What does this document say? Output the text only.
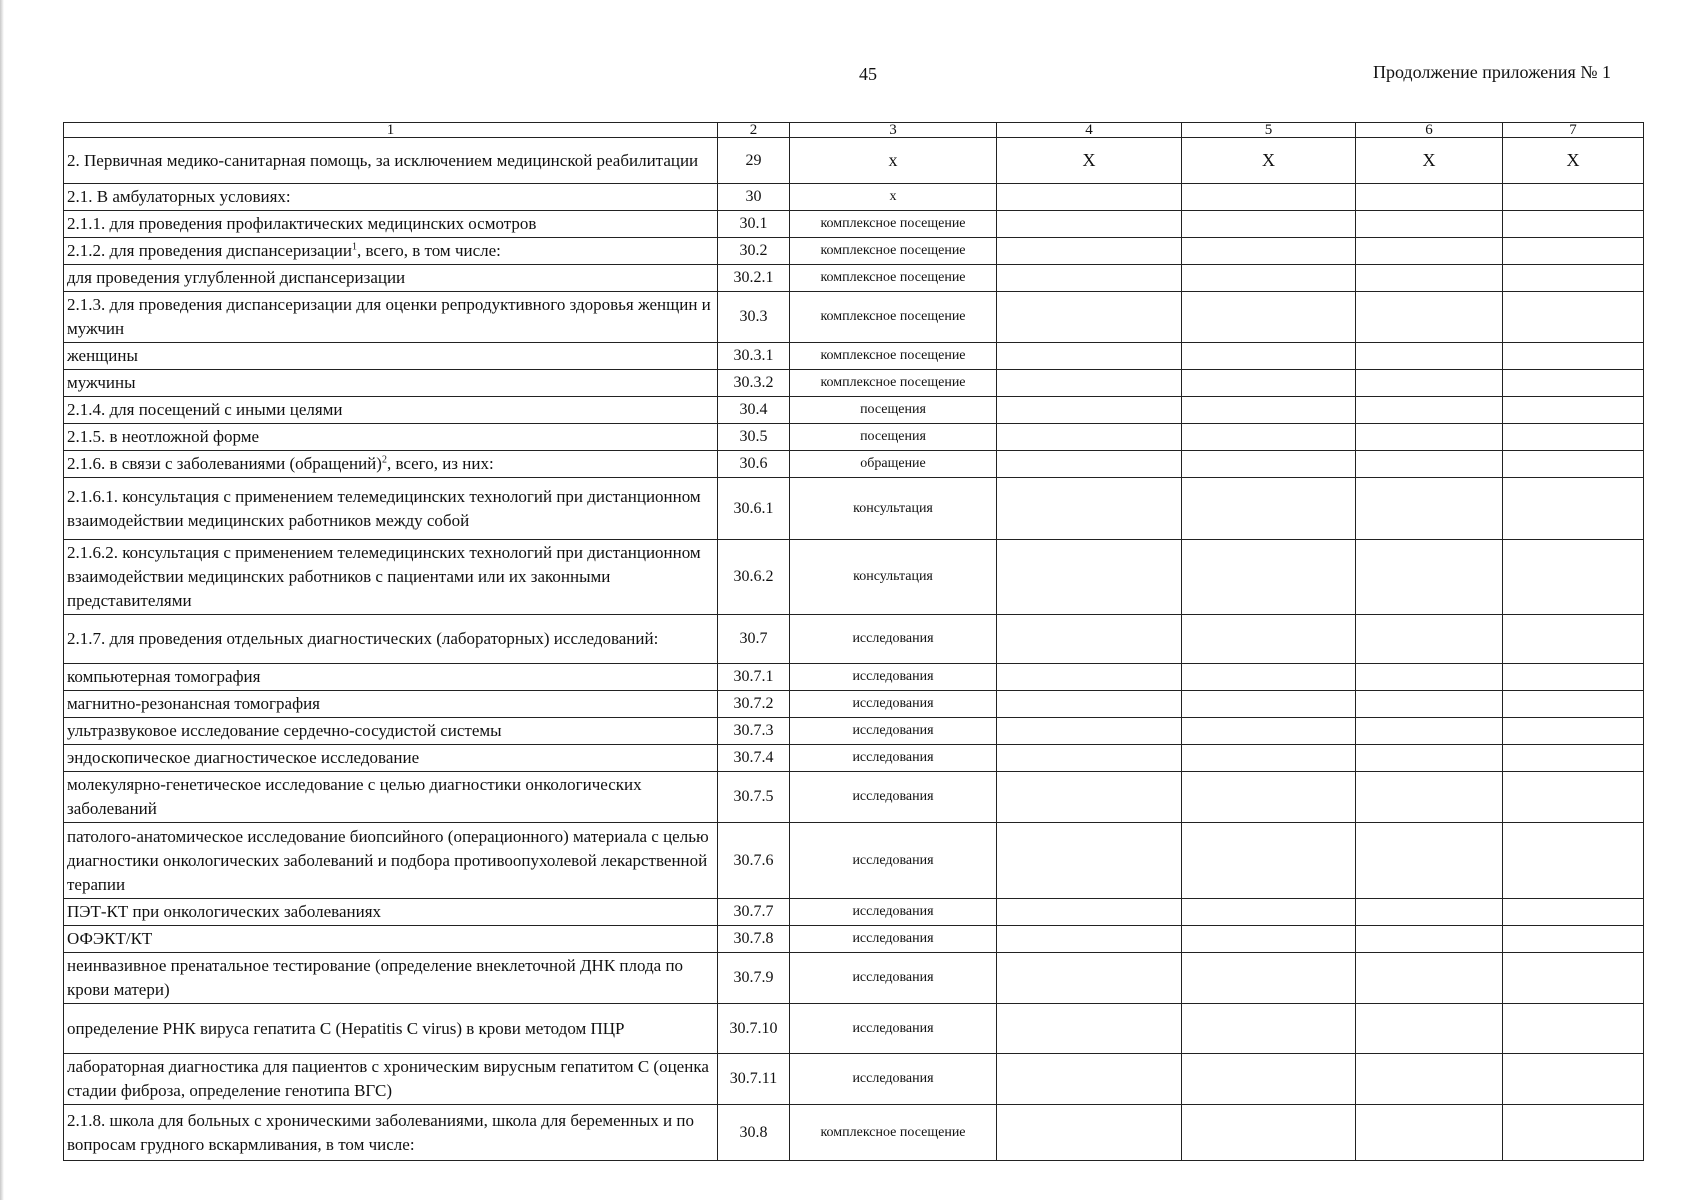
45	Продолжение приложения № 1
1	2	3	4	5	6	7
2. Первичная медико-санитарная помощь, за исключением медицинской реабилитации	29	х	Х	Х	Х	Х
2.1. В амбулаторных условиях:	30	х				
2.1.1. для проведения профилактических медицинских осмотров	30.1	комплексное посещение				
2.1.2. для проведения диспансеризации$^1$, всего, в том числе:	30.2	комплексное посещение				
для проведения углубленной диспансеризации	30.2.1	комплексное посещение				
2.1.3. для проведения диспансеризации для оценки репродуктивного здоровья женщин и мужчин	30.3	комплексное посещение				
женщины	30.3.1	комплексное посещение				
мужчины	30.3.2	комплексное посещение				
2.1.4. для посещений с иными целями	30.4	посещения				
2.1.5. в неотложной форме	30.5	посещения				
2.1.6. в связи с заболеваниями (обращений)$^2$, всего, из них:	30.6	обращение				
2.1.6.1. консультация с применением телемедицинских технологий при дистанционном взаимодействии медицинских работников между собой	30.6.1	консультация				
2.1.6.2. консультация с применением телемедицинских технологий при дистанционном взаимодействии медицинских работников с пациентами или их законными представителями	30.6.2	консультация				
2.1.7. для проведения отдельных диагностических (лабораторных) исследований:	30.7	исследования				
компьютерная томография	30.7.1	исследования				
магнитно-резонансная томография	30.7.2	исследования				
ультразвуковое исследование сердечно-сосудистой системы	30.7.3	исследования				
эндоскопическое диагностическое исследование	30.7.4	исследования				
молекулярно-генетическое исследование с целью диагностики онкологических заболеваний	30.7.5	исследования				
патолого-анатомическое исследование биопсийного (операционного) материала с целью диагностики онкологических заболеваний и подбора противоопухолевой лекарственной терапии	30.7.6	исследования				
ПЭТ-КТ при онкологических заболеваниях	30.7.7	исследования				
ОФЭКТ/КТ	30.7.8	исследования				
неинвазивное пренатальное тестирование (определение внеклеточной ДНК плода по крови матери)	30.7.9	исследования				
определение РНК вируса гепатита С (Hepatitis C virus) в крови методом ПЦР	30.7.10	исследования				
лабораторная диагностика для пациентов с хроническим вирусным гепатитом С (оценка стадии фиброза, определение генотипа ВГС)	30.7.11	исследования				
2.1.8. школа для больных с хроническими заболеваниями, школа для беременных и по вопросам грудного вскармливания, в том числе:	30.8	комплексное посещение				
